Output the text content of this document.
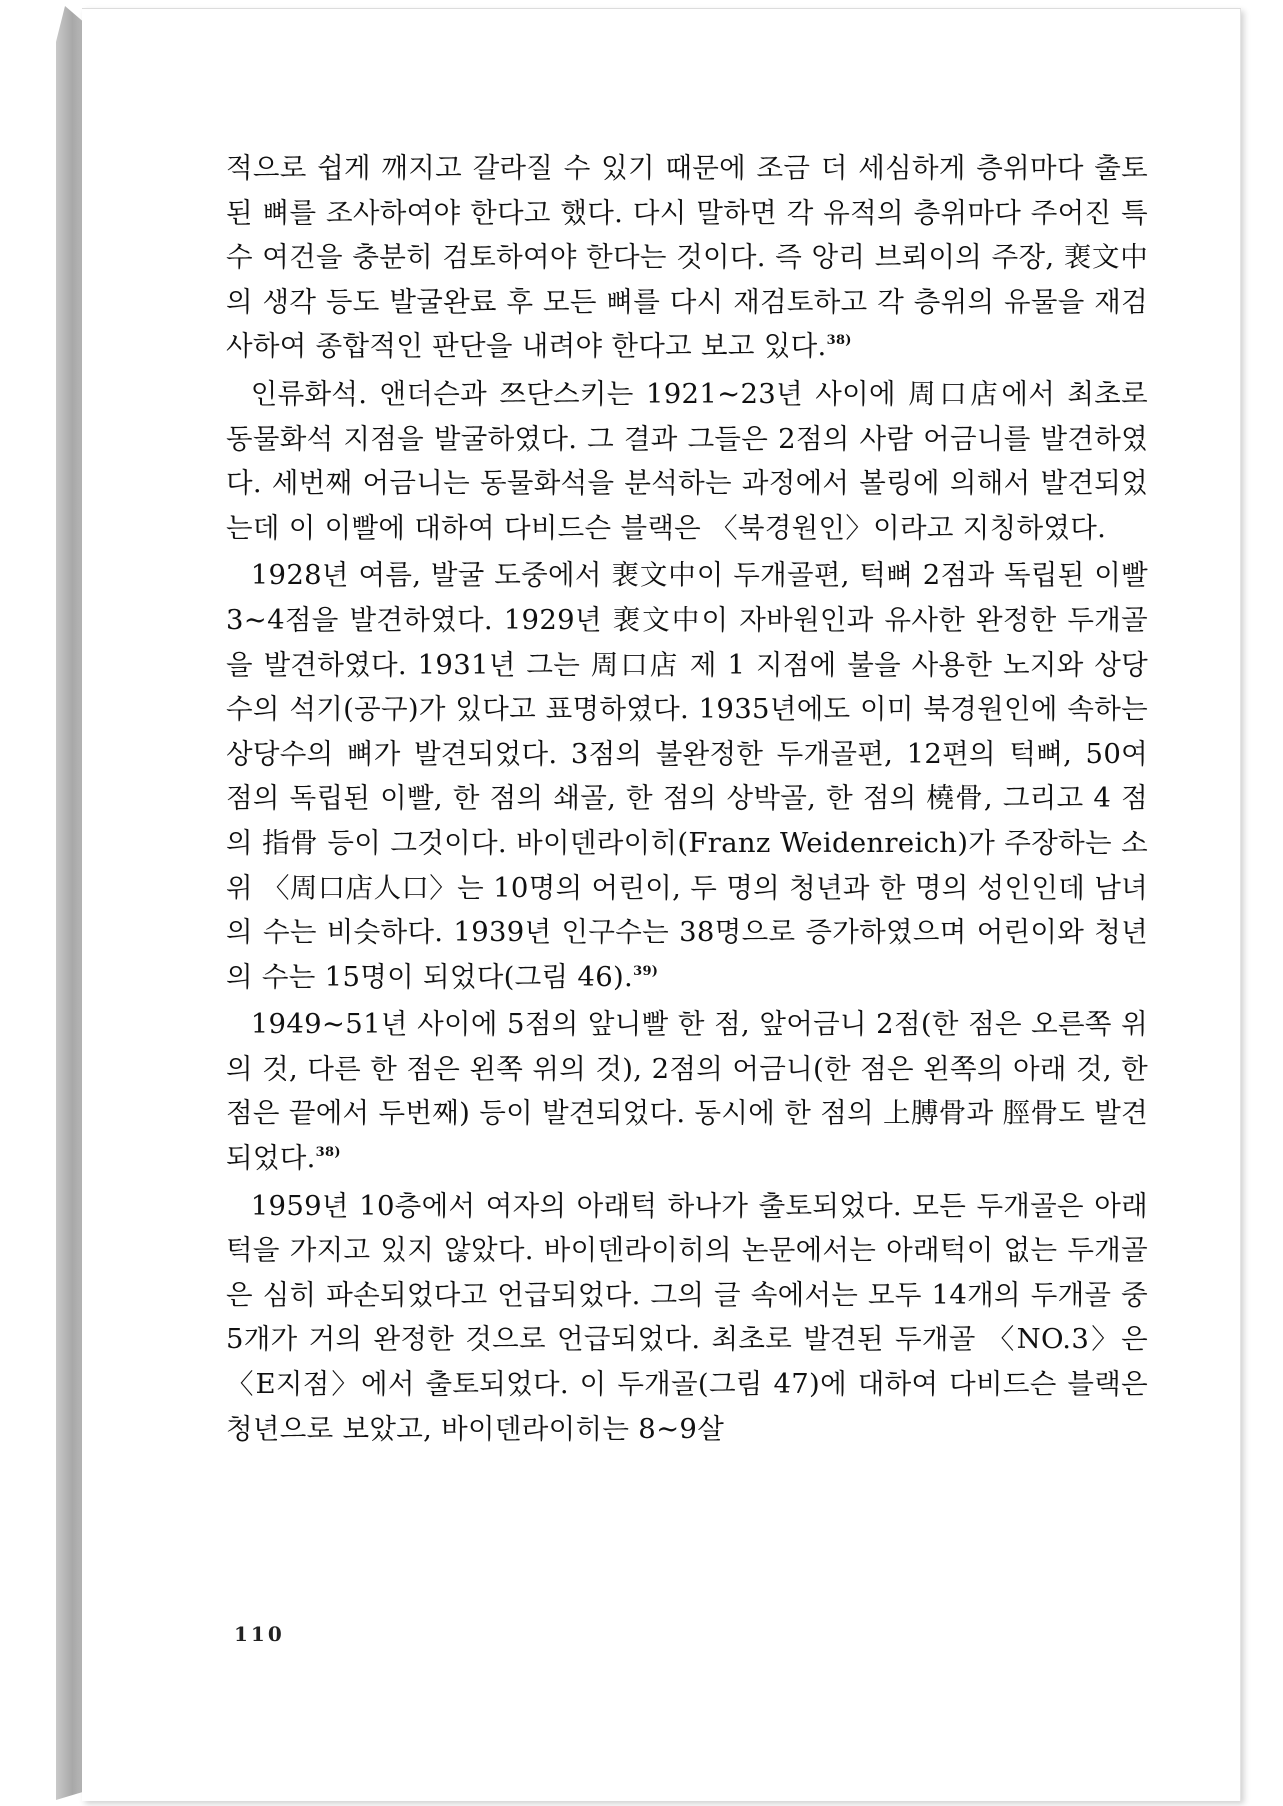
적으로 쉽게 깨지고 갈라질 수 있기 때문에 조금 더 세심하게 층위마다 출토된 뼈를 조사하여야 한다고 했다. 다시 말하면 각 유적의 층위마다 주어진 특수 여건을 충분히 검토하여야 한다는 것이다. 즉 앙리 브뢰이의 주장, 裵文中의 생각 등도 발굴완료 후 모든 뼈를 다시 재검토하고 각 층위의 유물을 재검사하여 종합적인 판단을 내려야 한다고 보고 있다.$^{38)}$

인류화석. 앤더슨과 쯔단스키는 1921∼23년 사이에 周口店에서 최초로 동물화석 지점을 발굴하였다. 그 결과 그들은 2점의 사람 어금니를 발견하였다. 세번째 어금니는 동물화석을 분석하는 과정에서 볼링에 의해서 발견되었는데 이 이빨에 대하여 다비드슨 블랙은 〈북경원인〉이라고 지칭하였다.

1928년 여름, 발굴 도중에서 裵文中이 두개골편, 턱뼈 2점과 독립된 이빨 3∼4점을 발견하였다. 1929년 裵文中이 자바원인과 유사한 완정한 두개골을 발견하였다. 1931년 그는 周口店 제 1 지점에 불을 사용한 노지와 상당수의 석기(공구)가 있다고 표명하였다. 1935년에도 이미 북경원인에 속하는 상당수의 뼈가 발견되었다. 3점의 불완정한 두개골편, 12편의 턱뼈, 50여 점의 독립된 이빨, 한 점의 쇄골, 한 점의 상박골, 한 점의 橈骨, 그리고 4 점의 指骨 등이 그것이다. 바이덴라이히(Franz Weidenreich)가 주장하는 소위 〈周口店人口〉는 10명의 어린이, 두 명의 청년과 한 명의 성인인데 남녀의 수는 비슷하다. 1939년 인구수는 38명으로 증가하였으며 어린이와 청년의 수는 15명이 되었다(그림 46).$^{39)}$

1949∼51년 사이에 5점의 앞니빨 한 점, 앞어금니 2점(한 점은 오른쪽 위의 것, 다른 한 점은 왼쪽 위의 것), 2점의 어금니(한 점은 왼쪽의 아래 것, 한 점은 끝에서 두번째) 등이 발견되었다. 동시에 한 점의 上膊骨과 脛骨도 발견되었다.$^{38)}$

1959년 10층에서 여자의 아래턱 하나가 출토되었다. 모든 두개골은 아래턱을 가지고 있지 않았다. 바이덴라이히의 논문에서는 아래턱이 없는 두개골은 심히 파손되었다고 언급되었다. 그의 글 속에서는 모두 14개의 두개골 중 5개가 거의 완정한 것으로 언급되었다. 최초로 발견된 두개골 〈NO.3〉은 〈E지점〉에서 출토되었다. 이 두개골(그림 47)에 대하여 다비드슨 블랙은 청년으로 보았고, 바이덴라이히는 8∼9살

110
